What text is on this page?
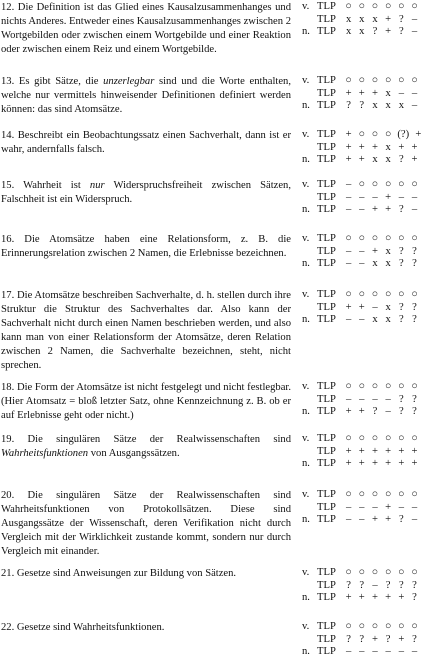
12. Die Definition ist das Glied eines Kausalzusammenhanges und nichts Anderes. Entweder eines Kausalzusammenhanges zwischen 2 Wortgebilden oder zwischen einem Wortgebilde und einer Reaktion oder zwischen einem Reiz und einem Wortgebilde.

v. TLP ○ ○ ○ ○ ○ ○
TLP x x x + ? –
n. TLP x x ? + ? –

13. Es gibt Sätze, die unzerlegbar sind und die Worte enthalten, welche nur vermittels hinweisender Definitionen definiert werden können: das sind Atomsätze.

v. TLP ○ ○ ○ ○ ○ ○
TLP + + + x – –
n. TLP ? ? x x x –

14. Beschreibt ein Beobachtungssatz einen Sachverhalt, dann ist er wahr, andernfalls falsch.

v. TLP + ○ ○ ○ (?) +
TLP + + + x + +
n. TLP + + x x ? +

15. Wahrheit ist nur Widerspruchsfreiheit zwischen Sätzen, Falschheit ist ein Widerspruch.

v. TLP – ○ ○ ○ ○ ○
TLP – – – + – –
n. TLP – – + + ? –

16. Die Atomsätze haben eine Relationsform, z. B. die Erinnerungsrelation zwischen 2 Namen, die Erlebnisse bezeichnen.

v. TLP ○ ○ ○ ○ ○ ○
TLP – – + x ? ?
n. TLP – – x x ? ?

17. Die Atomsätze beschreiben Sachverhalte, d. h. stellen durch ihre Struktur die Struktur des Sachverhaltes dar. Also kann der Sachverhalt nicht durch einen Namen beschrieben werden, und also kann man von einer Relationsform der Atomsätze, deren Relation zwischen 2 Namen, die Sachverhalte bezeichnen, steht, nicht sprechen.

v. TLP ○ ○ ○ ○ ○ ○
TLP + + – x ? ?
n. TLP – – x x ? ?

18. Die Form der Atomsätze ist nicht festgelegt und nicht festlegbar. (Hier Atomsatz = bloß letzter Satz, ohne Kennzeichnung z. B. ob er auf Erlebnisse geht oder nicht.)

v. TLP ○ ○ ○ ○ ○ ○
TLP – – – – ? ?
n. TLP + + ? – ? ?

19. Die singulären Sätze der Realwissenschaften sind Wahrheitsfunktionen von Ausgangssätzen.

v. TLP ○ ○ ○ ○ ○ ○
TLP + + + + + +
n. TLP + + + + + +

20. Die singulären Sätze der Realwissenschaften sind Wahrheitsfunktionen von Protokollsätzen. Diese sind Ausgangssätze der Wissenschaft, deren Verifikation nicht durch Vergleich mit der Wirklichkeit zustande kommt, sondern nur durch Vergleich mit einander.

v. TLP ○ ○ ○ ○ ○ ○
TLP – – – + – –
n. TLP – – + + ? –

21. Gesetze sind Anweisungen zur Bildung von Sätzen.	v. TLP ○ ○ ○ ○ ○ ○
TLP ? ? – ? ? ?
n. TLP + + + + + ?

22. Gesetze sind Wahrheitsfunktionen.	v. TLP ○ ○ ○ ○ ○ ○
TLP ? ? + ? + ?
n. TLP – – – – – –
